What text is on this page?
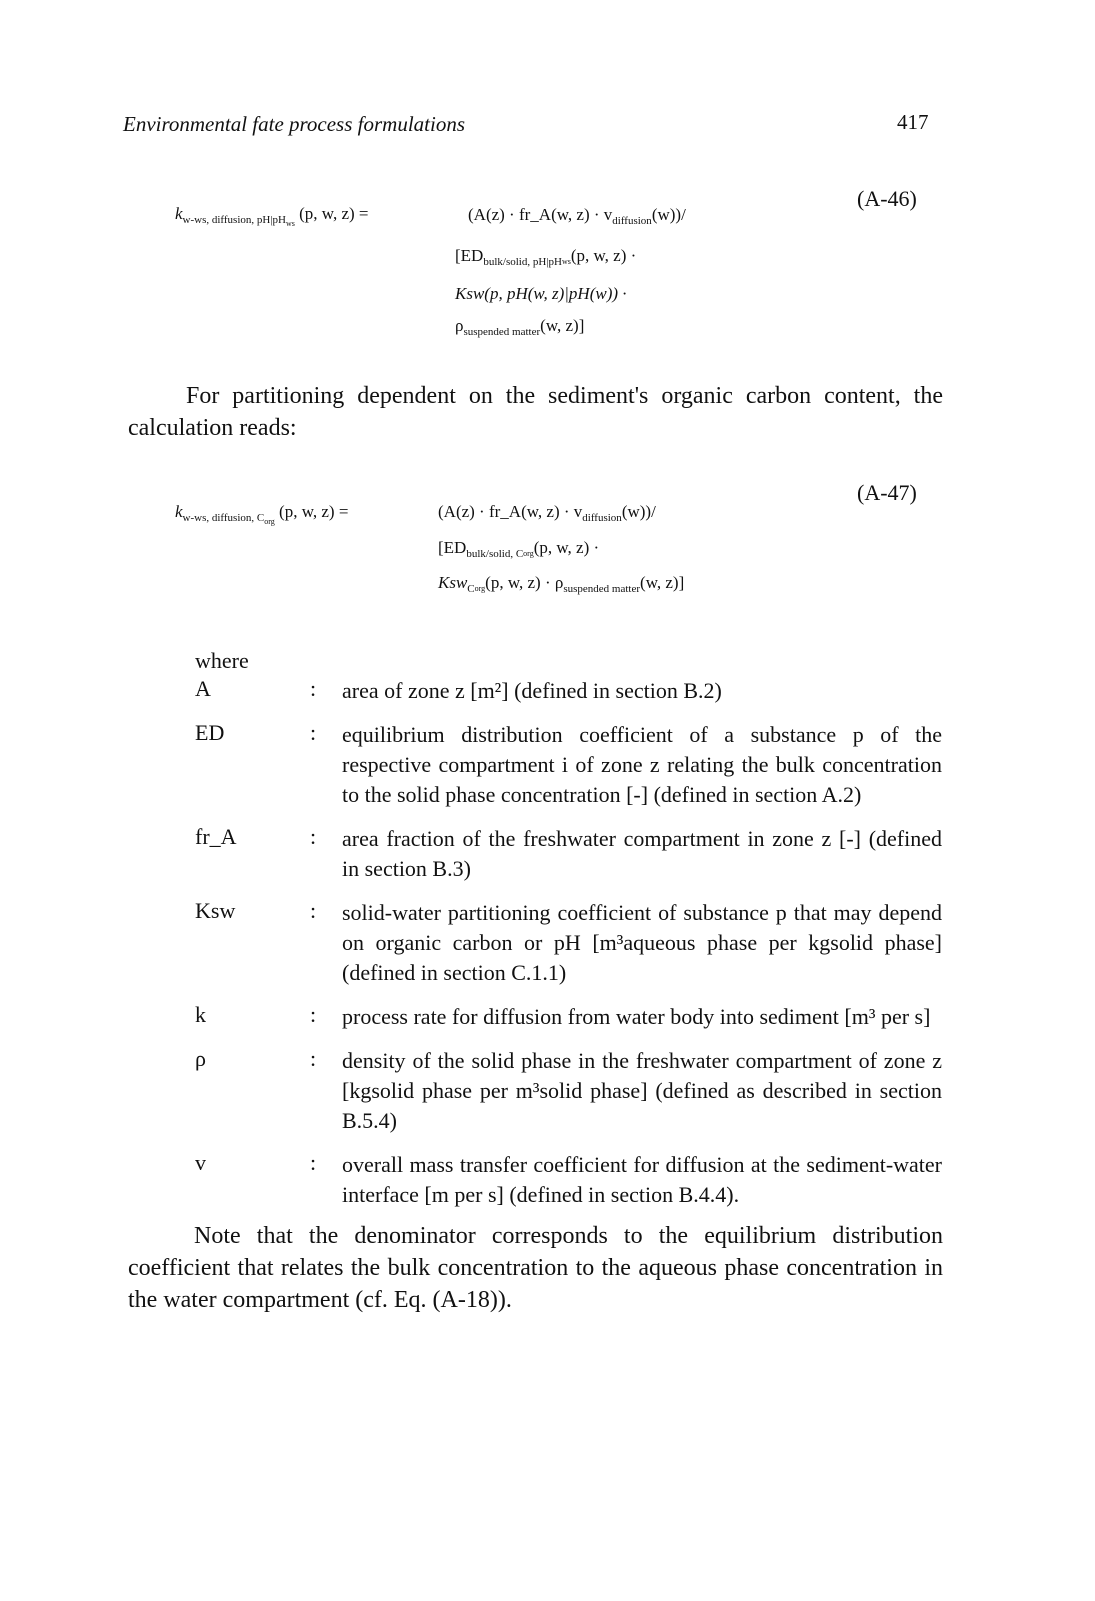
Environmental fate process formulations	417
(A-46)
$k_{w-ws, diffusion, pH|pH_{ws}}$ (p, w, z) =	(A(z) · fr_A(w, $z) \cdot v_{diffusion}(w))/$
[$ED_{bulk/solid, pH|pH}ws(p$, w, z) ·
Ksw(p, pH(w, z)|pH(w)) ·
$\rho_{suspended matter}(w$, z)]
For partitioning dependent on the sediment's organic carbon content, the calculation reads:
(A-47)
$k_{w-ws, diffusion, C_{org}}$ (p, w, z) =	(A(z) · fr_A(w, $z) \cdot v_{diffusion}(w))/$
[$ED_{bulk/solid, C}org(p$, w, z) ·
Ksw$_C$org(p, w, $z) \cdot \rho_{suspended matter}(w$, z)]
where
A	: area of zone z [m²] (defined in section B.2)
ED	: equilibrium distribution coefficient of a substance p of the respective compartment i of zone z relating the bulk concentration to the solid phase concentration [-] (defined in section A.2)
fr_A	: area fraction of the freshwater compartment in zone z [-] (defined in section B.3)
Ksw	: solid-water partitioning coefficient of substance p that may depend on organic carbon or pH [m³aqueous phase per kgsolid phase] (defined in section C.1.1)
k	: process rate for diffusion from water body into sediment [m³ per s]
ρ	: density of the solid phase in the freshwater compartment of zone z [kgsolid phase per m³solid phase] (defined as described in section B.5.4)
v	: overall mass transfer coefficient for diffusion at the sediment-water interface [m per s] (defined in section B.4.4).
Note that the denominator corresponds to the equilibrium distribution coefficient that relates the bulk concentration to the aqueous phase concentration in the water compartment (cf. Eq. (A-18)).
